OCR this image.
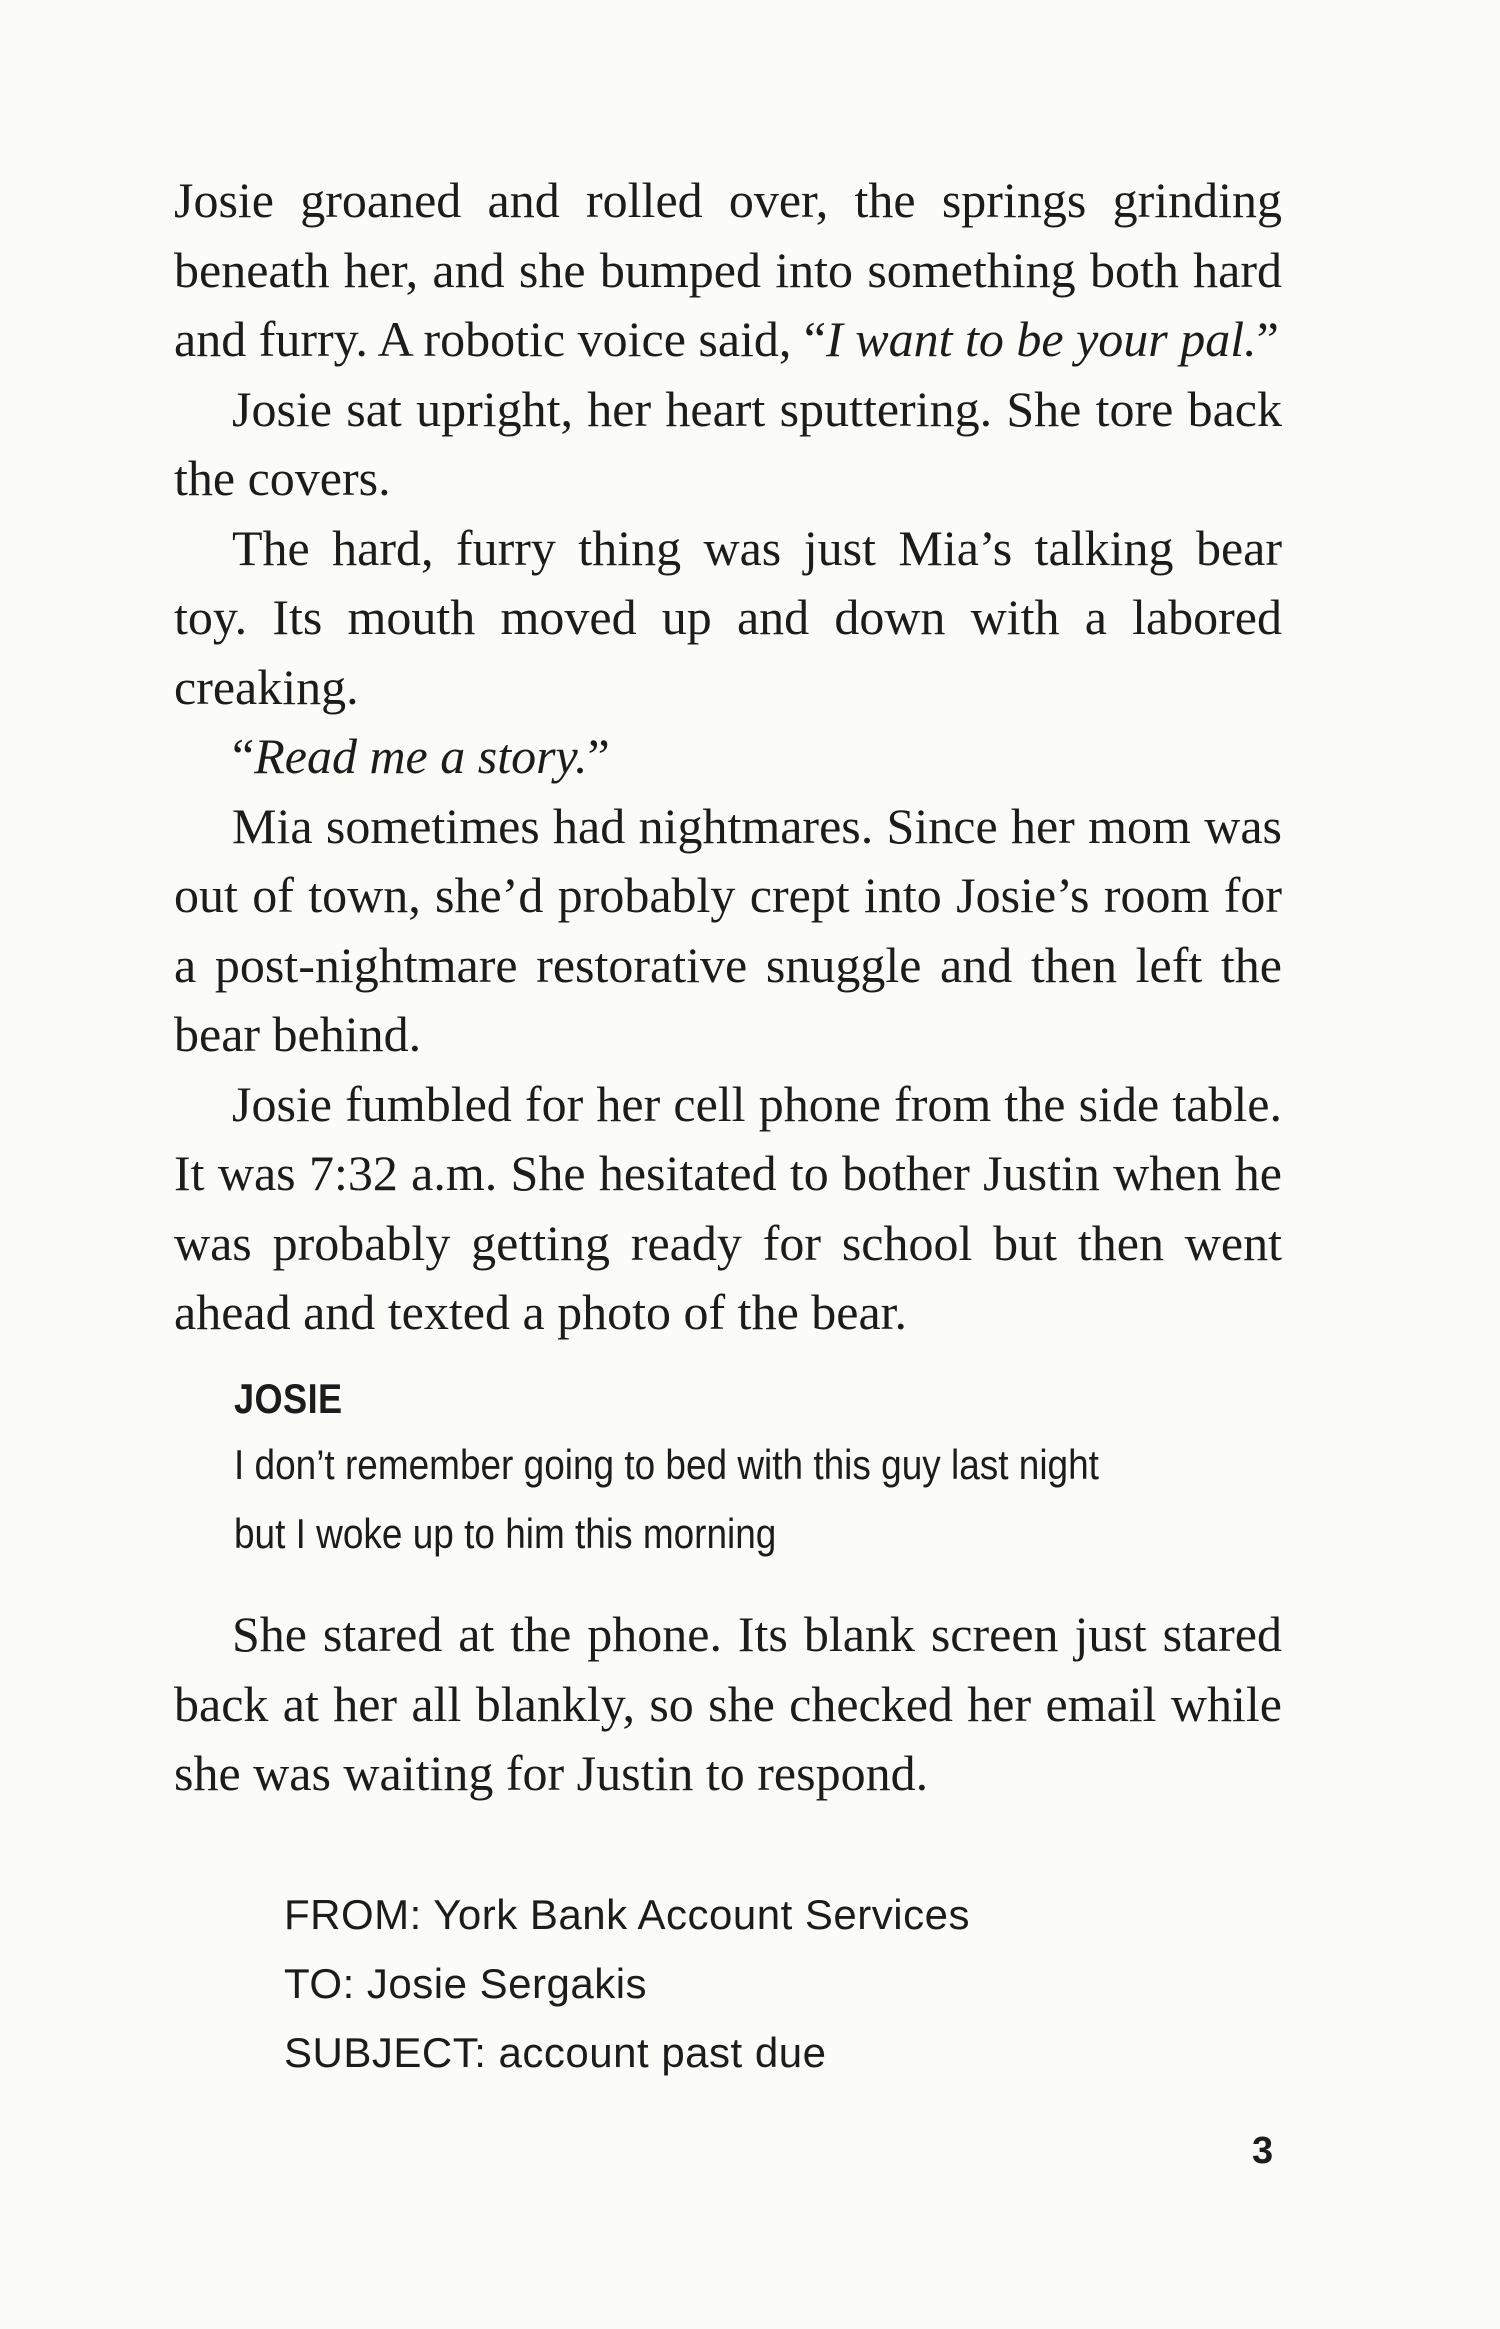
Josie groaned and rolled over, the springs grinding beneath her, and she bumped into something both hard and furry. A robotic voice said, “I want to be your pal.”

Josie sat upright, her heart sputtering. She tore back the covers.

The hard, furry thing was just Mia’s talking bear toy. Its mouth moved up and down with a labored creaking.

“Read me a story.”

Mia sometimes had nightmares. Since her mom was out of town, she’d probably crept into Josie’s room for a post-nightmare restorative snuggle and then left the bear behind.

Josie fumbled for her cell phone from the side table. It was 7:32 a.m. She hesitated to bother Justin when he was probably getting ready for school but then went ahead and texted a photo of the bear.

JOSIE
I don’t remember going to bed with this guy last night but I woke up to him this morning

She stared at the phone. Its blank screen just stared back at her all blankly, so she checked her email while she was waiting for Justin to respond.

FROM: York Bank Account Services
TO: Josie Sergakis
SUBJECT: account past due
3
